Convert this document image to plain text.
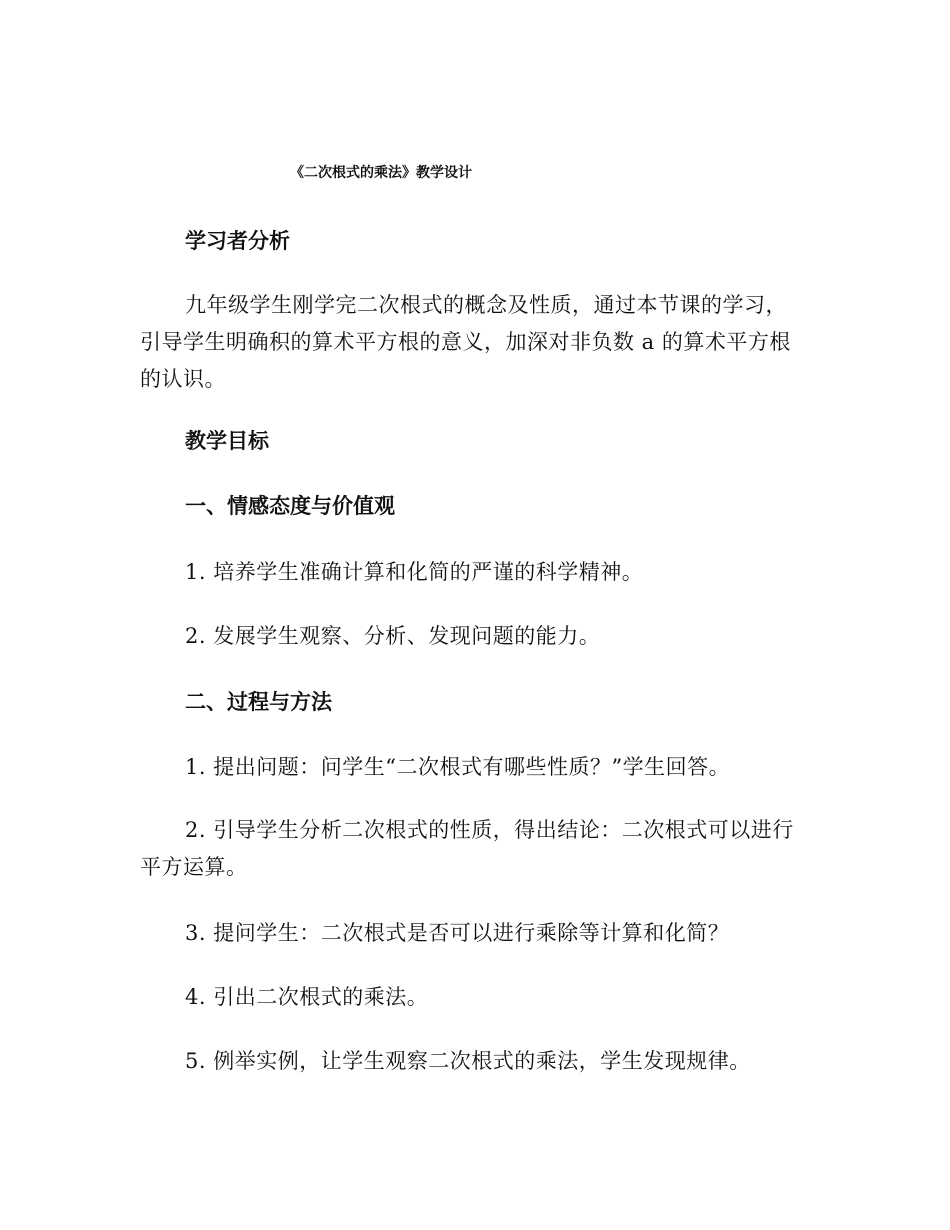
《二次根式的乘法》教学设计
学习者分析
九年级学生刚学完二次根式的概念及性质，通过本节课的学习，引导学生明确积的算术平方根的意义，加深对非负数 a 的算术平方根的认识。
教学目标
一、情感态度与价值观
1. 培养学生准确计算和化简的严谨的科学精神。
2. 发展学生观察、分析、发现问题的能力。
二、过程与方法
1. 提出问题：问学生“二次根式有哪些性质？”学生回答。
2. 引导学生分析二次根式的性质，得出结论：二次根式可以进行平方运算。
3. 提问学生：二次根式是否可以进行乘除等计算和化简？
4. 引出二次根式的乘法。
5. 例举实例，让学生观察二次根式的乘法，学生发现规律。
